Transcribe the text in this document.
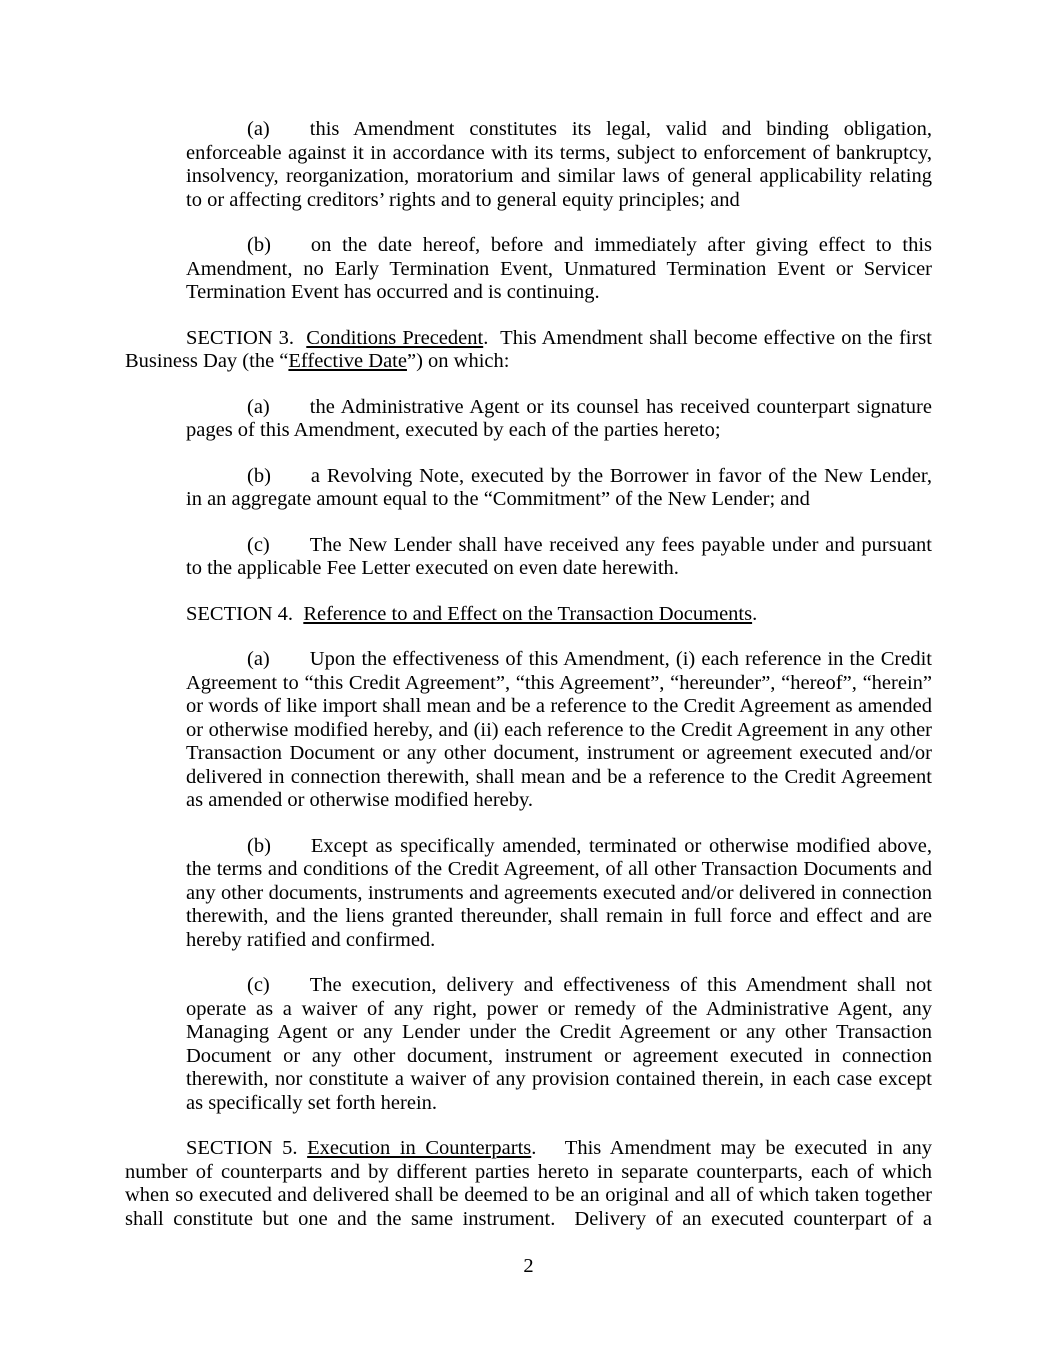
(a) this Amendment constitutes its legal, valid and binding obligation, enforceable against it in accordance with its terms, subject to enforcement of bankruptcy, insolvency, reorganization, moratorium and similar laws of general applicability relating to or affecting creditors’ rights and to general equity principles; and

(b) on the date hereof, before and immediately after giving effect to this Amendment, no Early Termination Event, Unmatured Termination Event or Servicer Termination Event has occurred and is continuing.

SECTION 3.  Conditions Precedent.  This Amendment shall become effective on the first Business Day (the “Effective Date”) on which:

(a) the Administrative Agent or its counsel has received counterpart signature pages of this Amendment, executed by each of the parties hereto;

(b) a Revolving Note, executed by the Borrower in favor of the New Lender, in an aggregate amount equal to the “Commitment” of the New Lender; and

(c) The New Lender shall have received any fees payable under and pursuant to the applicable Fee Letter executed on even date herewith.

SECTION 4.  Reference to and Effect on the Transaction Documents.

(a) Upon the effectiveness of this Amendment, (i) each reference in the Credit Agreement to “this Credit Agreement”, “this Agreement”, “hereunder”, “hereof”, “herein” or words of like import shall mean and be a reference to the Credit Agreement as amended or otherwise modified hereby, and (ii) each reference to the Credit Agreement in any other Transaction Document or any other document, instrument or agreement executed and/or delivered in connection therewith, shall mean and be a reference to the Credit Agreement as amended or otherwise modified hereby.

(b) Except as specifically amended, terminated or otherwise modified above, the terms and conditions of the Credit Agreement, of all other Transaction Documents and any other documents, instruments and agreements executed and/or delivered in connection therewith, and the liens granted thereunder, shall remain in full force and effect and are hereby ratified and confirmed.

(c) The execution, delivery and effectiveness of this Amendment shall not operate as a waiver of any right, power or remedy of the Administrative Agent, any Managing Agent or any Lender under the Credit Agreement or any other Transaction Document or any other document, instrument or agreement executed in connection therewith, nor constitute a waiver of any provision contained therein, in each case except as specifically set forth herein.

SECTION 5. Execution in Counterparts.   This Amendment may be executed in any number of counterparts and by different parties hereto in separate counterparts, each of which when so executed and delivered shall be deemed to be an original and all of which taken together shall constitute but one and the same instrument.  Delivery of an executed counterpart of a

2
